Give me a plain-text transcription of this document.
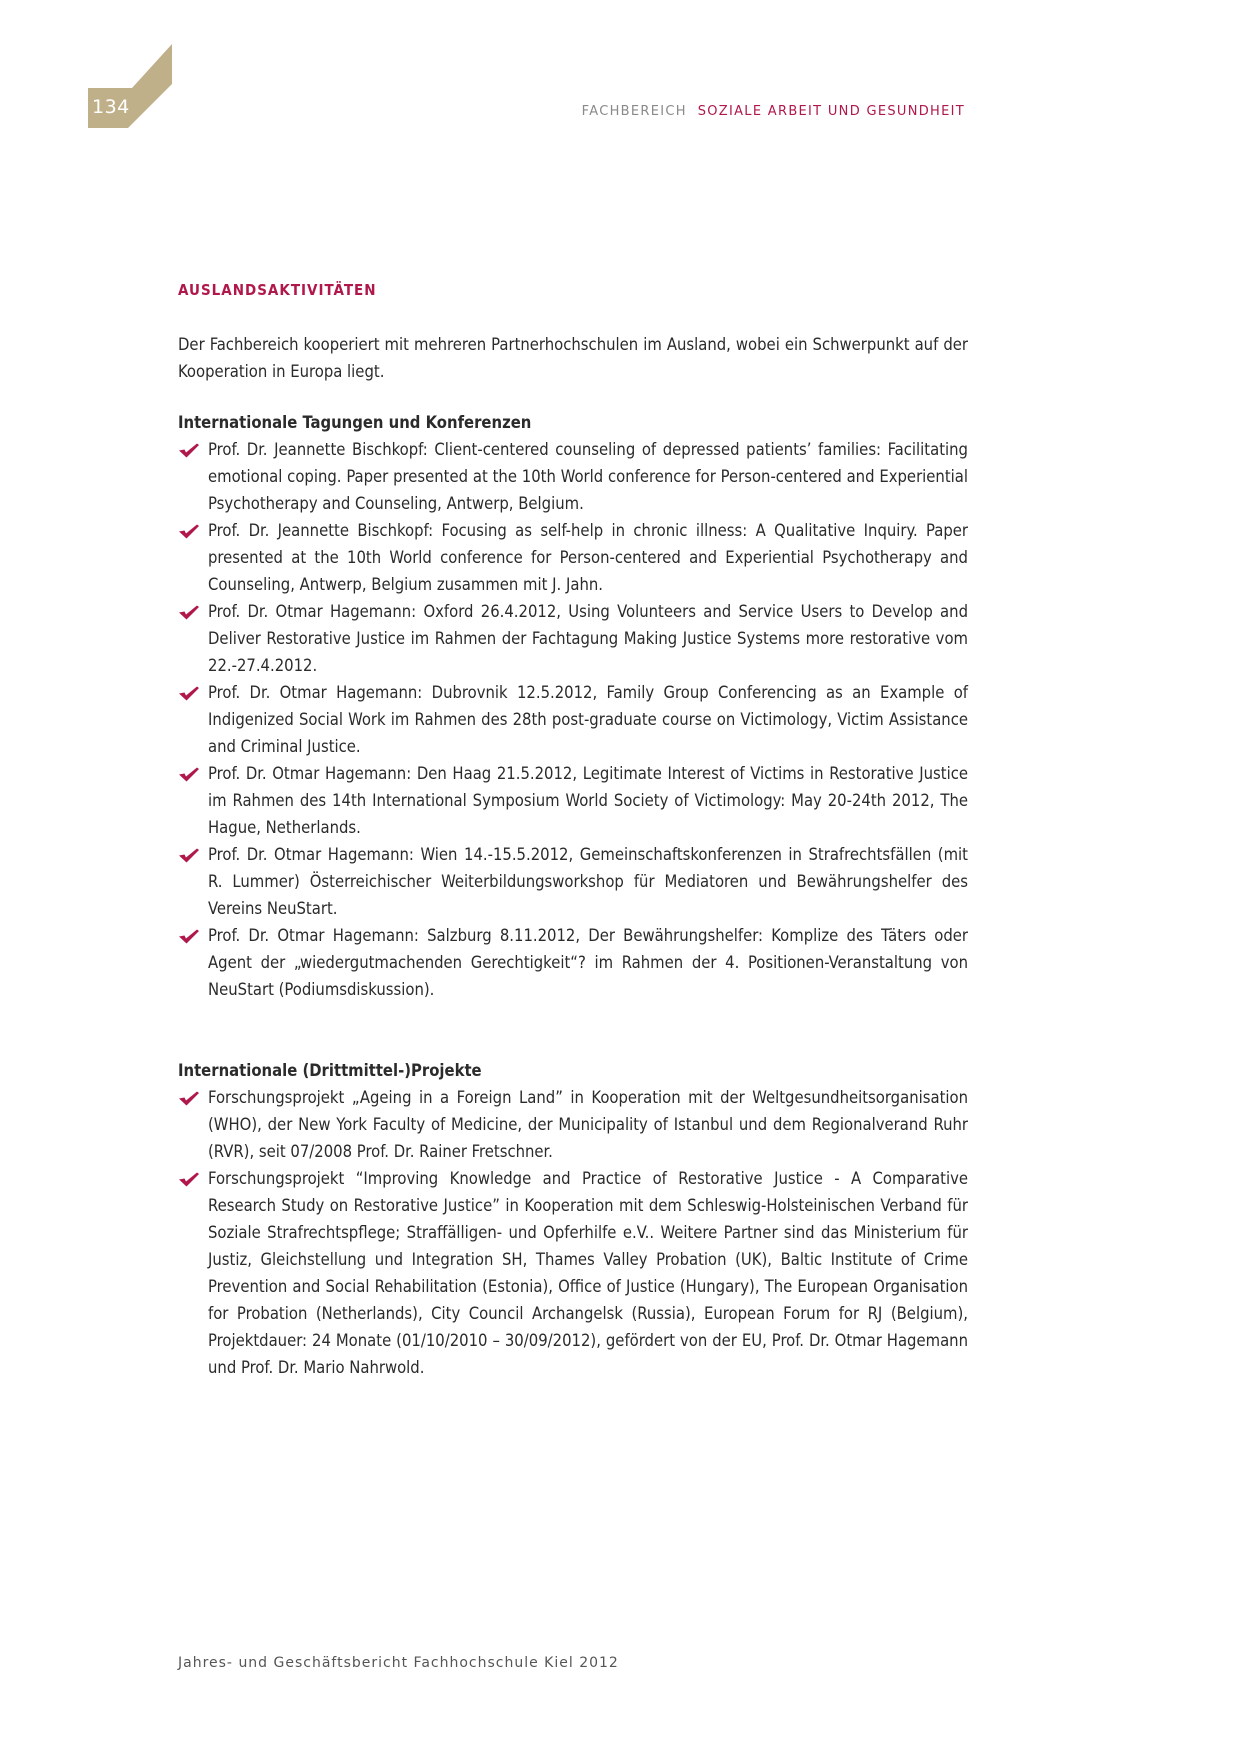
134	FACHBEREICH SOZIALE ARBEIT UND GESUNDHEIT
AUSLANDSAKTIVITÄTEN

Der Fachbereich kooperiert mit mehreren Partnerhochschulen im Ausland, wobei ein Schwerpunkt auf der Kooperation in Europa liegt.

Internationale Tagungen und Konferenzen
Prof. Dr. Jeannette Bischkopf: Client-centered counseling of depressed patients’ families: Facilitating emotional coping. Paper presented at the 10th World conference for Person-centered and Experiential Psychotherapy and Counseling, Antwerp, Belgium.
Prof. Dr. Jeannette Bischkopf: Focusing as self-help in chronic illness: A Qualitative Inquiry. Paper presented at the 10th World conference for Person-centered and Experiential Psychotherapy and Counseling, Antwerp, Belgium zusammen mit J. Jahn.
Prof. Dr. Otmar Hagemann: Oxford 26.4.2012, Using Volunteers and Service Users to Develop and Deliver Restorative Justice im Rahmen der Fachtagung Making Justice Systems more restorative vom 22.-27.4.2012.
Prof. Dr. Otmar Hagemann: Dubrovnik 12.5.2012, Family Group Conferencing as an Example of Indigenized Social Work im Rahmen des 28th post-graduate course on Victimology, Victim Assistance and Criminal Justice.
Prof. Dr. Otmar Hagemann: Den Haag 21.5.2012, Legitimate Interest of Victims in Restorative Justice im Rahmen des 14th International Symposium World Society of Victimology: May 20-24th 2012, The Hague, Netherlands.
Prof. Dr. Otmar Hagemann: Wien 14.-15.5.2012, Gemeinschaftskonferenzen in Strafrechtsfällen (mit R. Lummer) Österreichischer Weiterbildungsworkshop für Mediatoren und Bewährungshelfer des Vereins NeuStart.
Prof. Dr. Otmar Hagemann: Salzburg 8.11.2012, Der Bewährungshelfer: Komplize des Täters oder Agent der „wiedergutmachenden Gerechtigkeit“? im Rahmen der 4. Positionen-Veranstaltung von NeuStart (Podiumsdiskussion).
Internationale (Drittmittel-)Projekte
Forschungsprojekt „Ageing in a Foreign Land” in Kooperation mit der Weltgesundheitsorganisation (WHO), der New York Faculty of Medicine, der Municipality of Istanbul und dem Regionalverand Ruhr (RVR), seit 07/2008 Prof. Dr. Rainer Fretschner.
Forschungsprojekt “Improving Knowledge and Practice of Restorative Justice - A Comparative Research Study on Restorative Justice” in Kooperation mit dem Schleswig-Holsteinischen Verband für Soziale Strafrechtspflege; Straffälligen- und Opferhilfe e.V.. Weitere Partner sind das Ministerium für Justiz, Gleichstellung und Integration SH, Thames Valley Probation (UK), Baltic Institute of Crime Prevention and Social Rehabilitation (Estonia), Office of Justice (Hungary), The European Organisation for Probation (Netherlands), City Council Archangelsk (Russia), European Forum for RJ (Belgium), Projektdauer: 24 Monate (01/10/2010 – 30/09/2012), gefördert von der EU, Prof. Dr. Otmar Hagemann und Prof. Dr. Mario Nahrwold.
Jahres- und Geschäftsbericht Fachhochschule Kiel 2012
